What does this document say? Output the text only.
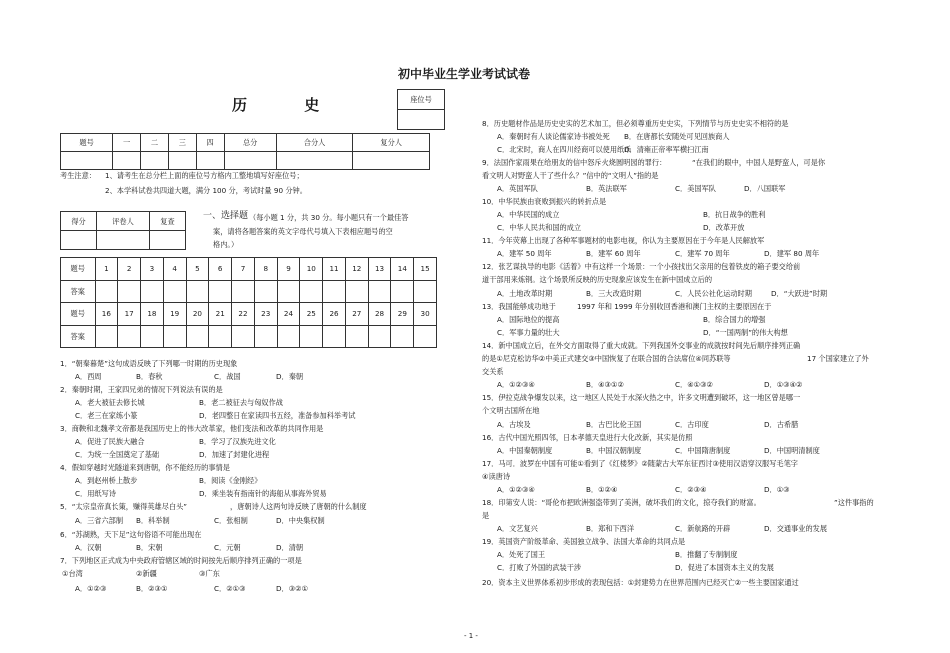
初中毕业生学业考试试卷
历 史	座位号

题号	一	二	三	四	总分	合分人	复分人

考生注意： 1、请考生在总分栏上面的座位号方格内工整地填写好座位号；
2、本学科试卷共四道大题，满分 100 分，考试时量 90 分钟。
得分	评卷人	复查
			一、选择题 （每小题 1 分，共 30 分。每小题只有一个最佳答
案，请将各题答案的英文字母代号填入下表相应题号的空
格内。）
题号	1	2	3	4	5	6	7	8	9	10	11	12	13	14	15
答案															
题号	16	17	18	19	20	21	22	23	24	25	26	27	28	29	30
答案															
1．“朝秦暮楚”这句成语反映了下列哪一时期的历史现象
A．西周	B．春秋	C．战国	D．秦朝
2．秦朝时期，王家四兄弟的情况下列说法有误的是
A．老大被征去修长城	B．老二被征去与匈奴作战
C．老三在家练小篆	D．老四整日在家读四书五经，准备参加科举考试
3．商鞅和北魏孝文帝都是我国历史上的伟大改革家，他们变法和改革的共同作用是
A．促进了民族大融合	B．学习了汉族先进文化
C．为统一全国奠定了基础	D．加速了封建化进程
4．假如穿越时光隧道来到唐朝，你不能经历的事情是
A．到赵州桥上散步	B．阅读《金刚经》
C．用纸写诗	D．乘坐装有指南针的海船从事海外贸易
5．“太宗皇帝真长策，赚得英雄尽白头”	，唐朝诗人这两句诗反映了唐朝的什么制度
A．三省六部制 B．科举制	C．张相制	D．中央集权制
6．“苏湖熟，天下足”这句俗语不可能出现在
A．汉朝	B．宋朝	C．元朝	D．清朝
7．下列地区正式成为中央政府管辖区域的时间按先后顺序排列正确的一项是
①台湾	②新疆	③广东
A．①②③	B．②③①	C．②①③	D．③②①
8．历史题材作品是历史史实的艺术加工，但必须尊重历史史实，下列情节与历史史实不相符的是
A．秦朝时有人谈论儒家诗书被处死 B．在唐都长安随处可见回族商人
C．北宋时，商人在四川经商可以使用纸币
D．清雍正帝率军横扫江南
9．法国作家雨果在给朋友的信中怒斥火烧圆明园的罪行：	“在我们的眼中，中国人是野蛮人，可是你
看文明人对野蛮人干了些什么？”信中的“文明人”指的是
A．英国军队	B．英法联军	C．美国军队	D．八国联军
10．中华民族由衰败到振兴的转折点是
A．中华民国的成立	B．抗日战争的胜利
C．中华人民共和国的成立	D．改革开放
11．今年荧幕上出现了各种军事题材的电影电视，你认为主要原因在于今年是人民解放军
A．建军 50 周年	B．建军 60 周年	C．建军 70 周年	D．建军 80 周年
12．张艺谋执导的电影《活着》中有这样一个场景：一个小孩找出父亲用的包着铁皮的箱子要交给前
道干部用来炼钢。这个场景所反映的历史现象应该发生在新中国成立后的
A．土地改革时期	B．三大改造时期	C．人民公社化运动时期	D．“大跃进”时期
13．我国能够成功地于	1997 年和 1999 年分别收回香港和澳门主权的主要原因在于
A．国际地位的提高	B．综合国力的增强
C．军事力量的壮大	D．“一国两制”的伟大构想
14．新中国成立后，在外交方面取得了重大成就。下列我国外交事业的成就按时间先后顺序排列正确
的是①尼克松访华②中美正式建交③中国恢复了在联合国的合法席位④同苏联等	17 个国家建立了外
交关系
A．①②③④	B．④③①②	C．④①③②	D．①③④②
15．伊拉克战争爆发以来，这一地区人民处于水深火热之中，许多文明遭到破坏，这一地区曾是哪一
个文明古国所在地
A．古埃及	B．古巴比伦王国	C．古印度	D．古希腊
16．古代中国光照四邻，日本孝德天皇进行大化改新，其实是仿照
A．中国秦朝制度	B．中国汉朝制度	C．中国隋唐制度	D．中国明清制度
17．马可．波罗在中国有可能①看到了《红楼梦》②随蒙古大军东征西讨③使用汉语穿汉服写毛笔字
④读唐诗
A．①②③④	B．①②④	C．②③④	D．①③
18．印第安人说：“哥伦布把欧洲强盗带到了美洲，破坏我们的文化，掠夺我们的财富。	”这件事指的
是
A．文艺复兴	B．郑和下西洋	C．新航路的开辟	D．交通事业的发展
19．英国资产阶级革命、美国独立战争、法国大革命的共同点是
A．处死了国王	B．推翻了专制制度
C．打败了外国的武装干涉	D．促进了本国资本主义的发展
20．资本主义世界体系初步形成的表现包括：①封建势力在世界范围内已经灭亡②一些主要国家通过
- 1 -
